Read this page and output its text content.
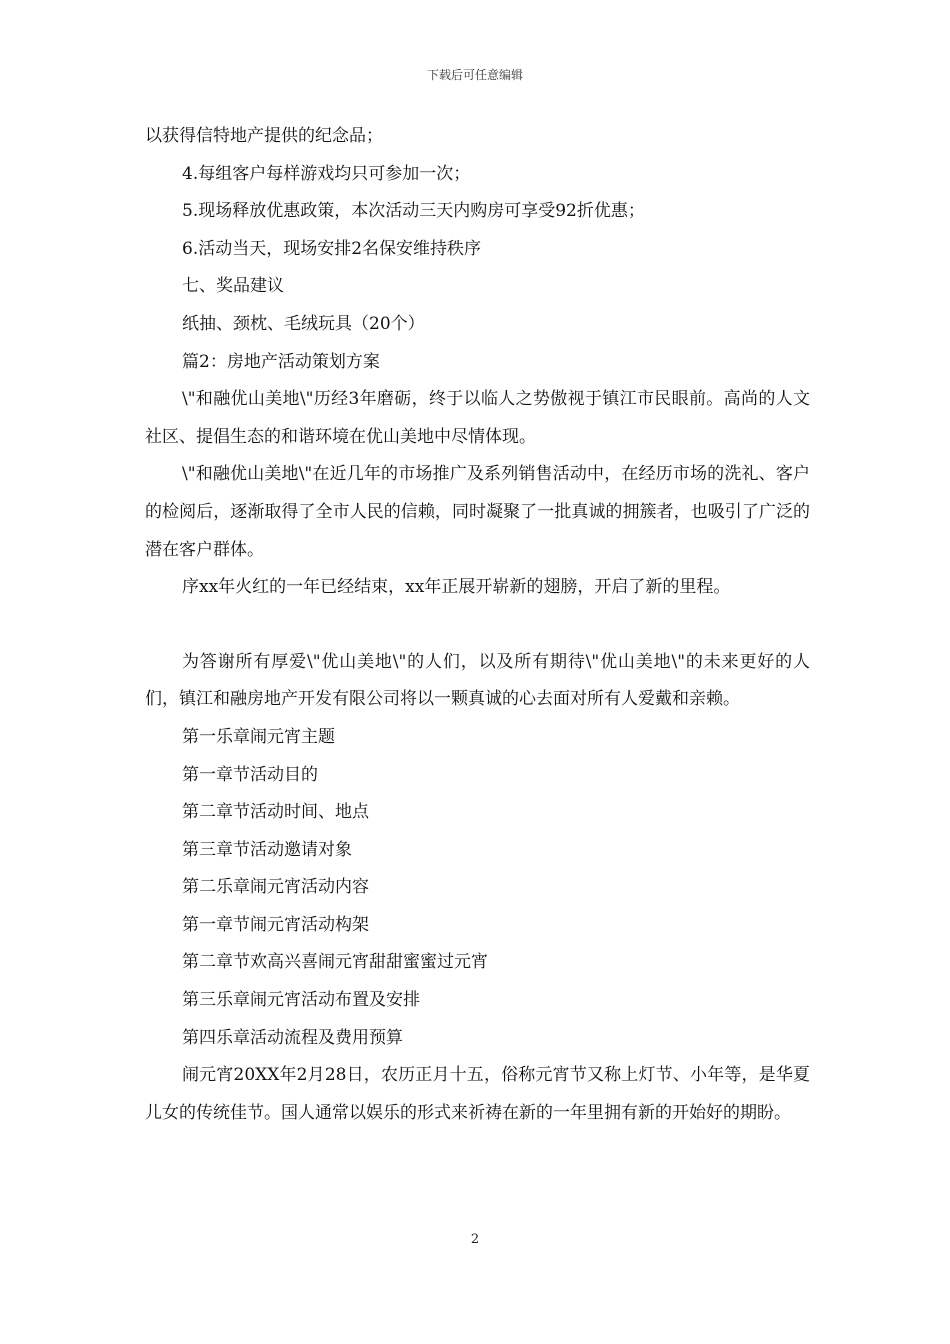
下载后可任意编辑
以获得信特地产提供的纪念品；
4.每组客户每样游戏均只可参加一次；
5.现场释放优惠政策，本次活动三天内购房可享受92折优惠；
6.活动当天，现场安排2名保安维持秩序
七、奖品建议
纸抽、颈枕、毛绒玩具（20个）
篇2：房地产活动策划方案
\"和融优山美地\"历经3年磨砺，终于以临人之势傲视于镇江市民眼前。高尚的人文社区、提倡生态的和谐环境在优山美地中尽情体现。
\"和融优山美地\"在近几年的市场推广及系列销售活动中，在经历市场的洗礼、客户的检阅后，逐渐取得了全市人民的信赖，同时凝聚了一批真诚的拥簇者，也吸引了广泛的潜在客户群体。
序xx年火红的一年已经结束，xx年正展开崭新的翅膀，开启了新的里程。
为答谢所有厚爱\"优山美地\"的人们，以及所有期待\"优山美地\"的未来更好的人们，镇江和融房地产开发有限公司将以一颗真诚的心去面对所有人爱戴和亲赖。
第一乐章闹元宵主题
第一章节活动目的
第二章节活动时间、地点
第三章节活动邀请对象
第二乐章闹元宵活动内容
第一章节闹元宵活动构架
第二章节欢高兴喜闹元宵甜甜蜜蜜过元宵
第三乐章闹元宵活动布置及安排
第四乐章活动流程及费用预算
闹元宵20XX年2月28日，农历正月十五，俗称元宵节又称上灯节、小年等，是华夏儿女的传统佳节。国人通常以娱乐的形式来祈祷在新的一年里拥有新的开始好的期盼。
2
